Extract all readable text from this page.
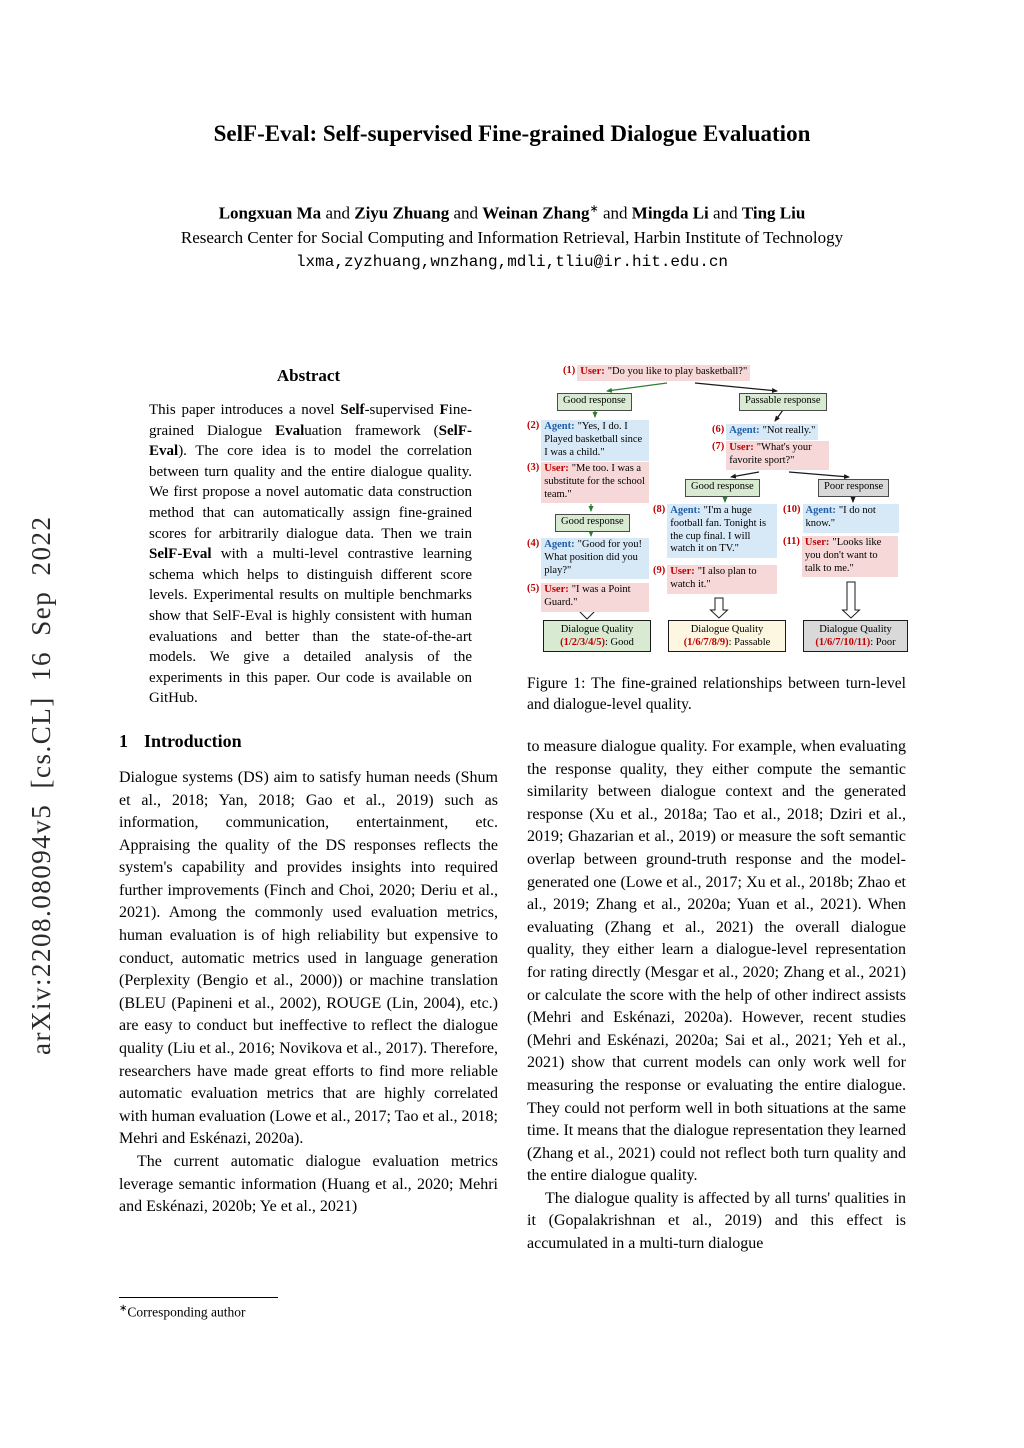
arXiv:2208.08094v5 [cs.CL] 16 Sep 2022
SelF-Eval: Self-supervised Fine-grained Dialogue Evaluation
Longxuan Ma and Ziyu Zhuang and Weinan Zhang∗ and Mingda Li and Ting Liu
Research Center for Social Computing and Information Retrieval, Harbin Institute of Technology
lxma,zyzhuang,wnzhang,mdli,tliu@ir.hit.edu.cn
Abstract

This paper introduces a novel Self-supervised Fine-grained Dialogue Evaluation framework (SelF-Eval). The core idea is to model the correlation between turn quality and the entire dialogue quality. We first propose a novel automatic data construction method that can automatically assign fine-grained scores for arbitrarily dialogue data. Then we train SelF-Eval with a multi-level contrastive learning schema which helps to distinguish different score levels. Experimental results on multiple benchmarks show that SelF-Eval is highly consistent with human evaluations and better than the state-of-the-art models. We give a detailed analysis of the experiments in this paper. Our code is available on GitHub.

1 Introduction

Dialogue systems (DS) aim to satisfy human needs (Shum et al., 2018; Yan, 2018; Gao et al., 2019) such as information, communication, entertainment, etc. Appraising the quality of the DS responses reflects the system's capability and provides insights into required further improvements (Finch and Choi, 2020; Deriu et al., 2021). Among the commonly used evaluation metrics, human evaluation is of high reliability but expensive to conduct, automatic metrics used in language generation (Perplexity (Bengio et al., 2000)) or machine translation (BLEU (Papineni et al., 2002), ROUGE (Lin, 2004), etc.) are easy to conduct but ineffective to reflect the dialogue quality (Liu et al., 2016; Novikova et al., 2017). Therefore, researchers have made great efforts to find more reliable automatic evaluation metrics that are highly correlated with human evaluation (Lowe et al., 2017; Tao et al., 2018; Mehri and Eskénazi, 2020a).

The current automatic dialogue evaluation metrics leverage semantic information (Huang et al., 2020; Mehri and Eskénazi, 2020b; Ye et al., 2021)

(1) User: "Do you like to play basketball?"
(2) Agent: "Yes, I do. I Played basketball since I was a child."
(3) User: "Me too. I was a substitute for the school team."
(4) Agent: "Good for you! What position did you play?"
(5) User: "I was a Point Guard."
(6) Agent: "Not really."
(7) User: "What's your favorite sport?"
(8) Agent: "I'm a huge football fan. Tonight is the cup final. I will watch it on TV."
(9) User: "I also plan to watch it."
(10) Agent: "I do not know."
(11) User: "Looks like you don't want to talk to me."
Good response	Passable response
Good response
Good response	Poor response
Dialogue Quality
(1/2/3/4/5): Good
Dialogue Quality
(1/6/7/8/9): Passable
Dialogue Quality
(1/6/7/10/11): Poor

Figure 1: The fine-grained relationships between turn-level and dialogue-level quality.

to measure dialogue quality. For example, when evaluating the response quality, they either compute the semantic similarity between dialogue context and the generated response (Xu et al., 2018a; Tao et al., 2018; Dziri et al., 2019; Ghazarian et al., 2019) or measure the soft semantic overlap between ground-truth response and the model-generated one (Lowe et al., 2017; Xu et al., 2018b; Zhao et al., 2019; Zhang et al., 2020a; Yuan et al., 2021). When evaluating (Zhang et al., 2021) the overall dialogue quality, they either learn a dialogue-level representation for rating directly (Mesgar et al., 2020; Zhang et al., 2021) or calculate the score with the help of other indirect assists (Mehri and Eskénazi, 2020a). However, recent studies (Mehri and Eskénazi, 2020a; Sai et al., 2021; Yeh et al., 2021) show that current models can only work well for measuring the response or evaluating the entire dialogue. They could not perform well in both situations at the same time. It means that the dialogue representation they learned (Zhang et al., 2021) could not reflect both turn quality and the entire dialogue quality.

The dialogue quality is affected by all turns' qualities in it (Gopalakrishnan et al., 2019) and this effect is accumulated in a multi-turn dialogue

∗Corresponding author
